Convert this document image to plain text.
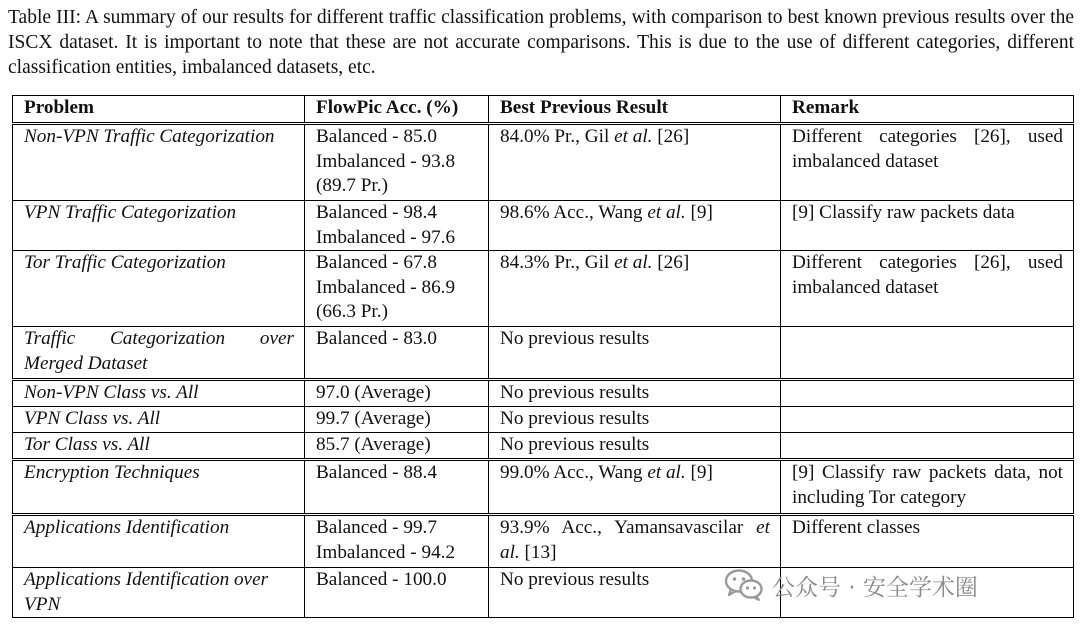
Table III: A summary of our results for different traffic classification problems, with comparison to best known previous results over the ISCX dataset. It is important to note that these are not accurate comparisons. This is due to the use of different categories, different classification entities, imbalanced datasets, etc.
Problem	FlowPic Acc. (%)	Best Previous Result	Remark
Non-VPN Traffic Categorization	Balanced - 85.0
Imbalanced - 93.8
(89.7 Pr.)	84.0% Pr., Gil et al. [26]	Different categories [26], used imbalanced dataset
VPN Traffic Categorization	Balanced - 98.4
Imbalanced - 97.6	98.6% Acc., Wang et al. [9]	[9] Classify raw packets data
Tor Traffic Categorization	Balanced - 67.8
Imbalanced - 86.9
(66.3 Pr.)	84.3% Pr., Gil et al. [26]	Different categories [26], used imbalanced dataset
Traffic Categorization over Merged Dataset	Balanced - 83.0	No previous results	
Non-VPN Class vs. All	97.0 (Average)	No previous results	
VPN Class vs. All	99.7 (Average)	No previous results	
Tor Class vs. All	85.7 (Average)	No previous results	
Encryption Techniques	Balanced - 88.4	99.0% Acc., Wang et al. [9]	[9] Classify raw packets data, not including Tor category
Applications Identification	Balanced - 99.7
Imbalanced - 94.2	93.9% Acc., Yamansavascilar et al. [13]	Different classes
Applications Identification over VPN	Balanced - 100.0	No previous results		公众号 · 安全学术圈
